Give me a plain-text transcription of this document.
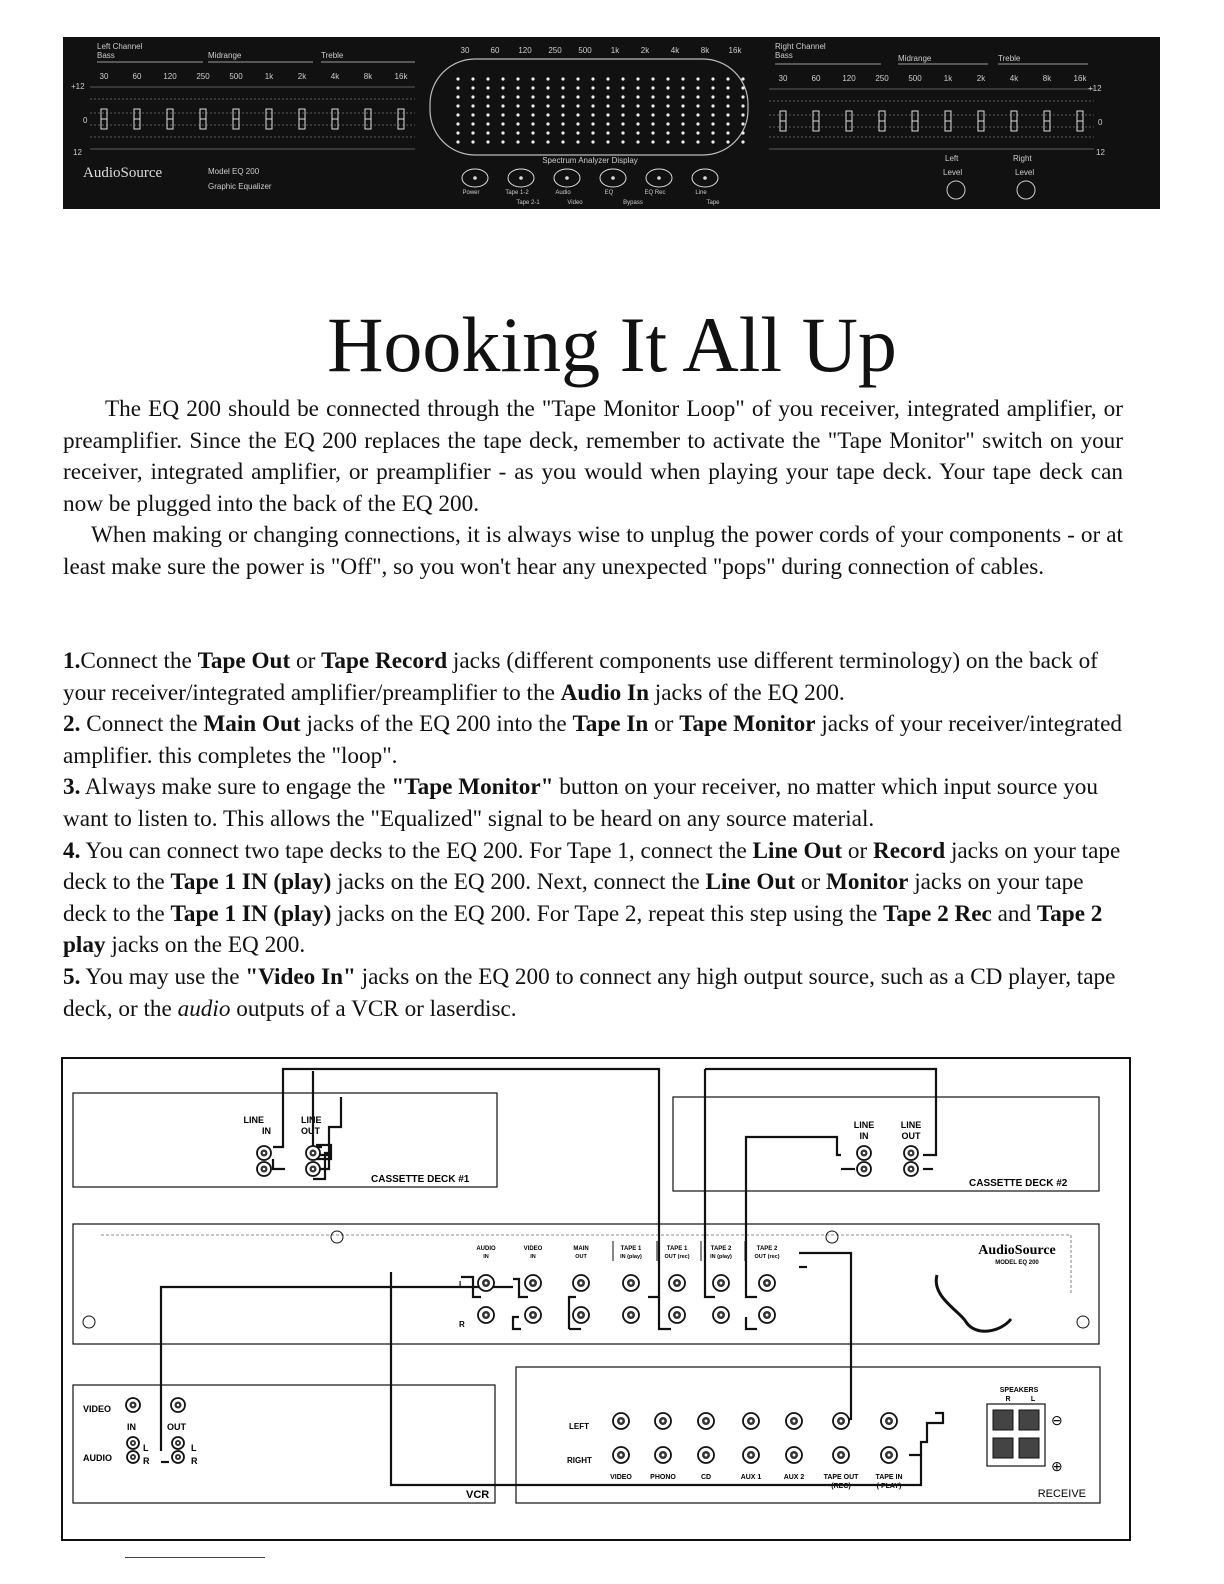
Left Channel
Bass	Midrange	Treble
30	60	120 250 500	1k	2k	4k	8k	16k
+12
0
12
AudioSource	Model EQ 200
Graphic Equalizer
30	60 120 250 500 1k	2k	4k	8k 16k
Spectrum Analyzer Display
Power	Tape 1-2	Audio	EQ	EQ Rec	Line
Tape 2-1	Video	Bypass	Tape
Right Channel
Bass	Midrange	Treble
30	60	120 250 500	1k	2k	4k	8k	16k
+12
0
12
Left
Level
Right
Level
Hooking It All Up

The EQ 200 should be connected through the "Tape Monitor Loop" of you receiver, integrated amplifier, or preamplifier. Since the EQ 200 replaces the tape deck, remember to activate the "Tape Monitor" switch on your receiver, integrated amplifier, or preamplifier - as you would when playing your tape deck. Your tape deck can now be plugged into the back of the EQ 200.

When making or changing connections, it is always wise to unplug the power cords of your components - or at least make sure the power is "Off", so you won't hear any unexpected "pops" during connection of cables.

1.Connect the Tape Out or Tape Record jacks (different components use different terminology) on the back of your receiver/integrated amplifier/preamplifier to the Audio In jacks of the EQ 200.

2. Connect the Main Out jacks of the EQ 200 into the Tape In or Tape Monitor jacks of your receiver/integrated amplifier. this completes the "loop".

3. Always make sure to engage the "Tape Monitor" button on your receiver, no matter which input source you want to listen to. This allows the "Equalized" signal to be heard on any source material.

4. You can connect two tape decks to the EQ 200. For Tape 1, connect the Line Out or Record jacks on your tape deck to the Tape 1 IN (play) jacks on the EQ 200. Next, connect the Line Out or Monitor jacks on your tape deck to the Tape 1 IN (play) jacks on the EQ 200. For Tape 2, repeat this step using the Tape 2 Rec and Tape 2 play jacks on the EQ 200.

5. You may use the "Video In" jacks on the EQ 200 to connect any high output source, such as a CD player, tape deck, or the audio outputs of a VCR or laserdisc.

LINE
IN
LINE
OUT
CASSETTE DECK #1
LINE
IN
LINE
OUT
CASSETTE DECK #2
AUDIO
IN
VIDEO
IN
MAIN
OUT
TAPE 1
IN (play)
TAPE 1
OUT (rec)
TAPE 2
IN (play)
TAPE 2
OUT (rec)
L
R
AudioSource
MODEL EQ 200
VIDEO
IN	OUT
AUDIO
L
R
L
R
VCR
LEFT
RIGHT
VIDEO	PHONO	CD	AUX 1	AUX 2	TAPE OUT
(REC)
TAPE IN
( PLAY)
SPEAKERS
R	L
⊖
⊕
RECEIVE
